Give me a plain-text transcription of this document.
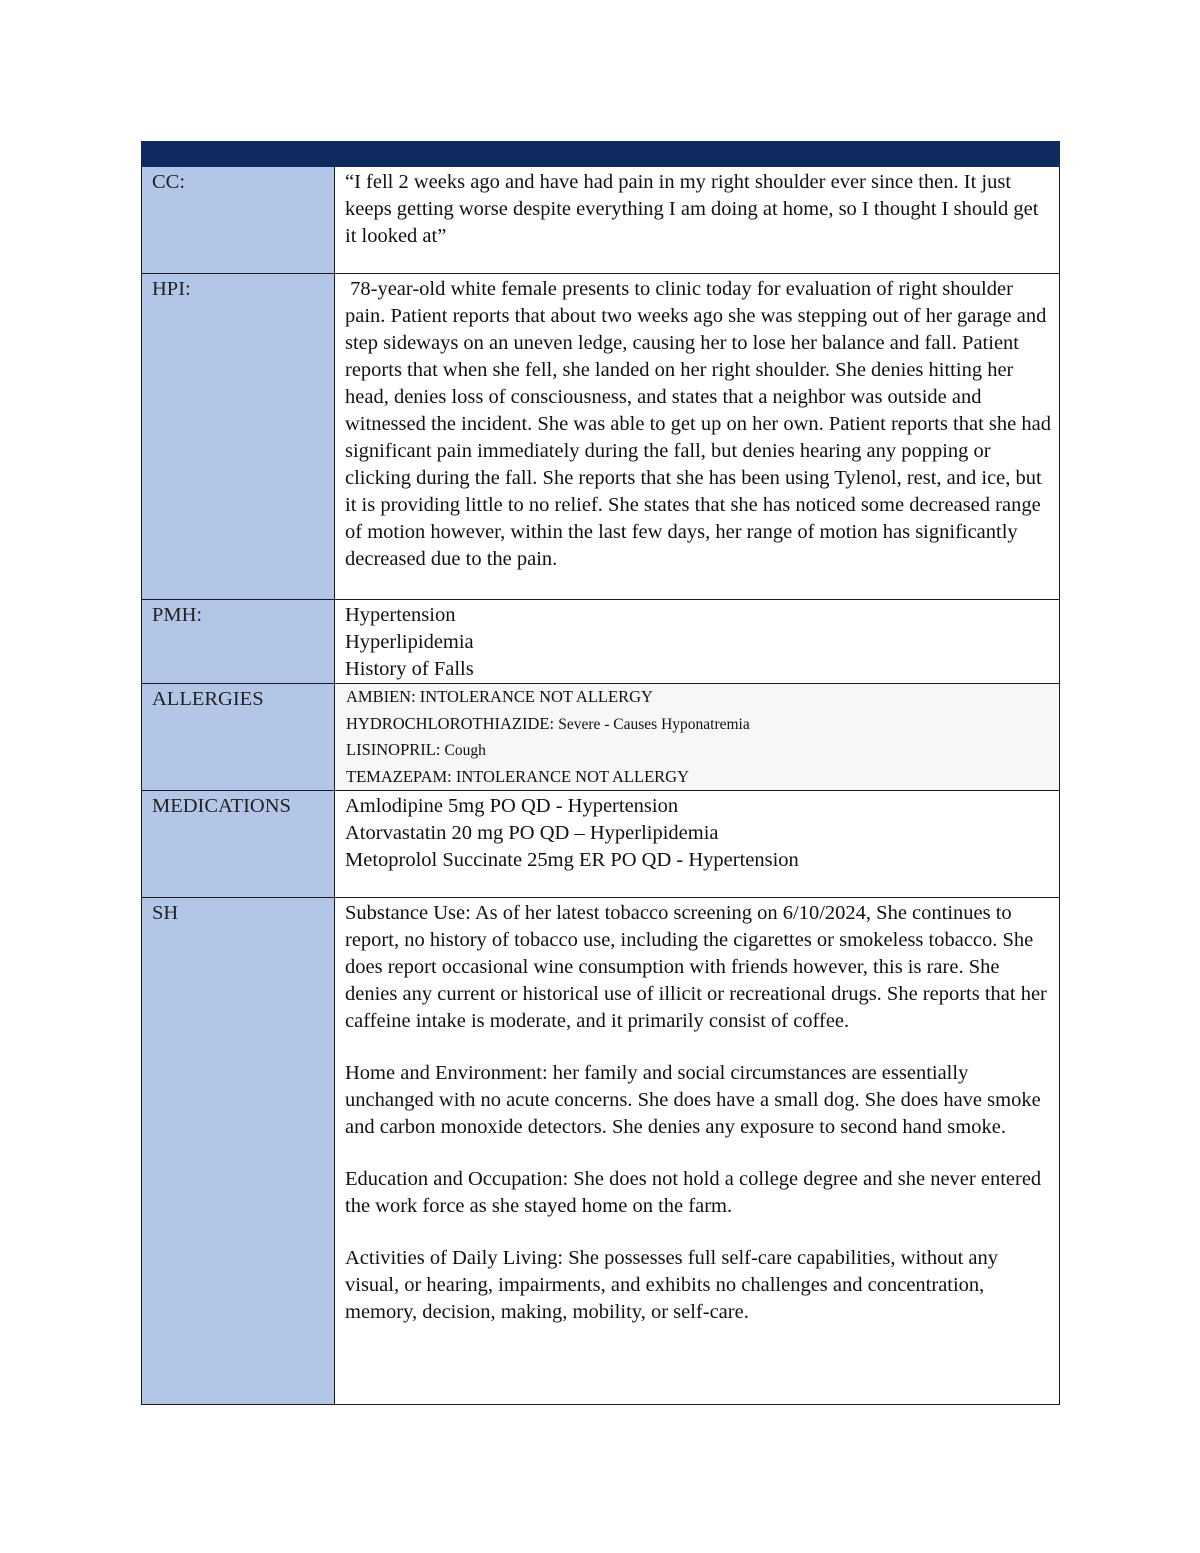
CC:	“I fell 2 weeks ago and have had pain in my right shoulder ever since then. It just keeps getting worse despite everything I am doing at home, so I thought I should get it looked at”

HPI:	78-year-old white female presents to clinic today for evaluation of right shoulder pain. Patient reports that about two weeks ago she was stepping out of her garage and step sideways on an uneven ledge, causing her to lose her balance and fall. Patient reports that when she fell, she landed on her right shoulder. She denies hitting her head, denies loss of consciousness, and states that a neighbor was outside and witnessed the incident. She was able to get up on her own. Patient reports that she had significant pain immediately during the fall, but denies hearing any popping or clicking during the fall. She reports that she has been using Tylenol, rest, and ice, but it is providing little to no relief. She states that she has noticed some decreased range of motion however, within the last few days, her range of motion has significantly decreased due to the pain.

PMH:	Hypertension
Hyperlipidemia
History of Falls

ALLERGIES	AMBIEN: INTOLERANCE NOT ALLERGY
HYDROCHLOROTHIAZIDE: Severe - Causes Hyponatremia
LISINOPRIL: Cough
TEMAZEPAM: INTOLERANCE NOT ALLERGY

MEDICATIONS	Amlodipine 5mg PO QD - Hypertension
Atorvastatin 20 mg PO QD – Hyperlipidemia
Metoprolol Succinate 25mg ER PO QD - Hypertension

SH	Substance Use: As of her latest tobacco screening on 6/10/2024, She continues to report, no history of tobacco use, including the cigarettes or smokeless tobacco. She does report occasional wine consumption with friends however, this is rare. She denies any current or historical use of illicit or recreational drugs. She reports that her caffeine intake is moderate, and it primarily consist of coffee.

Home and Environment: her family and social circumstances are essentially unchanged with no acute concerns. She does have a small dog. She does have smoke and carbon monoxide detectors. She denies any exposure to second hand smoke.

Education and Occupation: She does not hold a college degree and she never entered the work force as she stayed home on the farm.

Activities of Daily Living: She possesses full self-care capabilities, without any visual, or hearing, impairments, and exhibits no challenges and concentration, memory, decision, making, mobility, or self-care.
